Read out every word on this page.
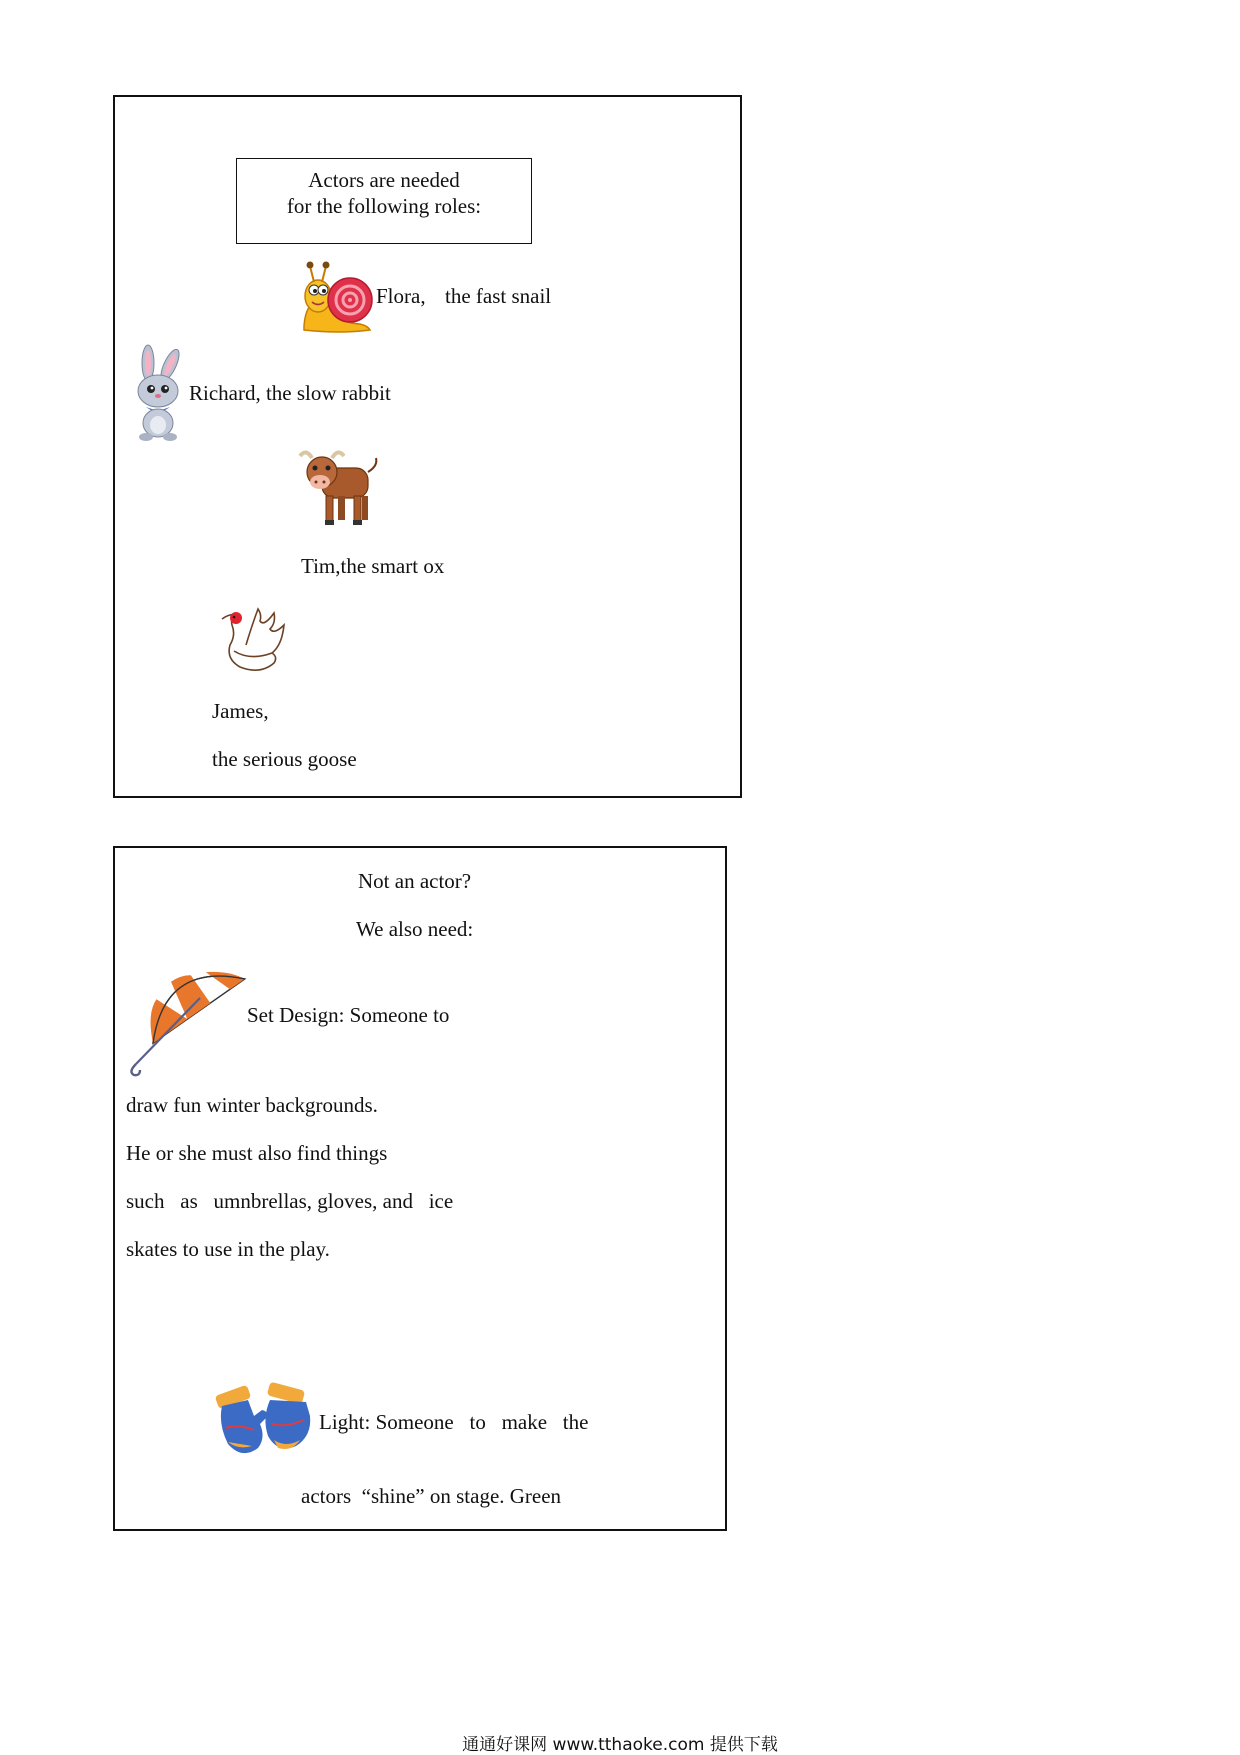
Actors are needed
for the following roles:
Flora, the fast snail
Richard, the slow rabbit
Tim,the smart ox
James,
the serious goose
Not an actor?
We also need:
Set Design: Someone to
draw fun winter backgrounds.
He or she must also find things
such   as   umnbrellas, gloves, and   ice
skates to use in the play.
Light: Someone   to   make   the
actors  “shine” on stage. Green
通通好课网 www.tthaoke.com 提供下载
